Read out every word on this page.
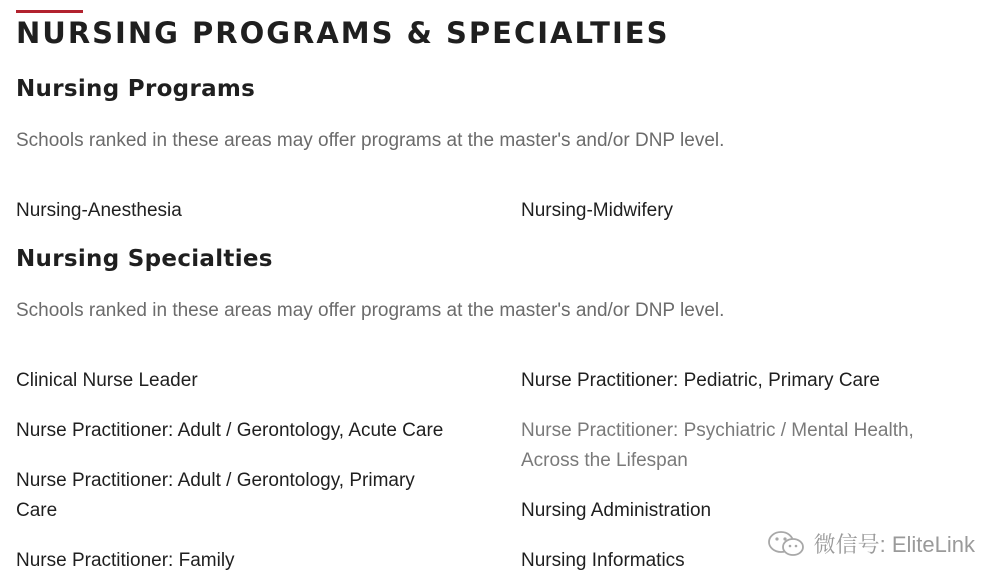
NURSING PROGRAMS & SPECIALTIES
Nursing Programs

Schools ranked in these areas may offer programs at the master's and/or DNP level.

Nursing-Anesthesia	Nursing-Midwifery
Nursing Specialties

Schools ranked in these areas may offer programs at the master's and/or DNP level.

Clinical Nurse Leader
Nurse Practitioner: Adult / Gerontology, Acute Care
Nurse Practitioner: Adult / Gerontology, Primary Care
Nurse Practitioner: Family
Nurse Practitioner: Pediatric, Primary Care
Nurse Practitioner: Psychiatric / Mental Health, Across the Lifespan
Nursing Administration
Nursing Informatics
微信号: EliteLink
